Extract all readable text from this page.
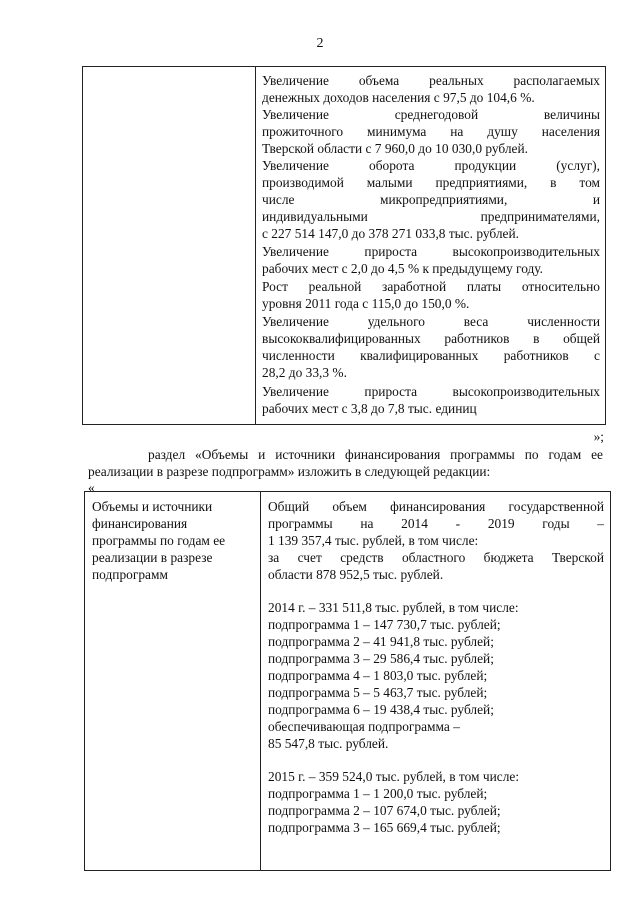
2

Увеличение объема реальных располагаемых

денежных доходов населения с 97,5 до 104,6 %.

Увеличение среднегодовой величины

прожиточного минимума на душу населения

Тверской области с 7 960,0 до 10 030,0 рублей.

Увеличение оборота продукции (услуг),

производимой малыми предприятиями, в том

числе микропредприятиями, и

индивидуальными предпринимателями,

с 227 514 147,0 до 378 271 033,8 тыс. рублей.

Увеличение прироста высокопроизводительных

рабочих мест с 2,0 до 4,5 % к предыдущему году.

Рост реальной заработной платы относительно

уровня 2011 года с 115,0 до 150,0 %.

Увеличение удельного веса численности

высококвалифицированных работников в общей

численности квалифицированных работников с

28,2 до 33,3 %.

Увеличение прироста высокопроизводительных

рабочих мест с 3,8 до 7,8 тыс. единиц

»;

раздел «Объемы и источники финансирования программы по годам ее

реализации в разрезе подпрограмм» изложить в следующей редакции:

«

Объемы и источники

финансирования

программы по годам ее

реализации в разрезе

подпрограмм

Общий объем финансирования государственной

программы на 2014 - 2019 годы –

1 139 357,4 тыс. рублей, в том числе:

за счет средств областного бюджета Тверской

области 878 952,5 тыс. рублей.

2014 г. – 331 511,8 тыс. рублей, в том числе:

подпрограмма 1 – 147 730,7 тыс. рублей;

подпрограмма 2 – 41 941,8 тыс. рублей;

подпрограмма 3 – 29 586,4 тыс. рублей;

подпрограмма 4 – 1 803,0 тыс. рублей;

подпрограмма 5 – 5 463,7 тыс. рублей;

подпрограмма 6 – 19 438,4 тыс. рублей;

обеспечивающая подпрограмма –

85 547,8 тыс. рублей.

2015 г. – 359 524,0 тыс. рублей, в том числе:

подпрограмма 1 – 1 200,0 тыс. рублей;

подпрограмма 2 – 107 674,0 тыс. рублей;

подпрограмма 3 – 165 669,4 тыс. рублей;
